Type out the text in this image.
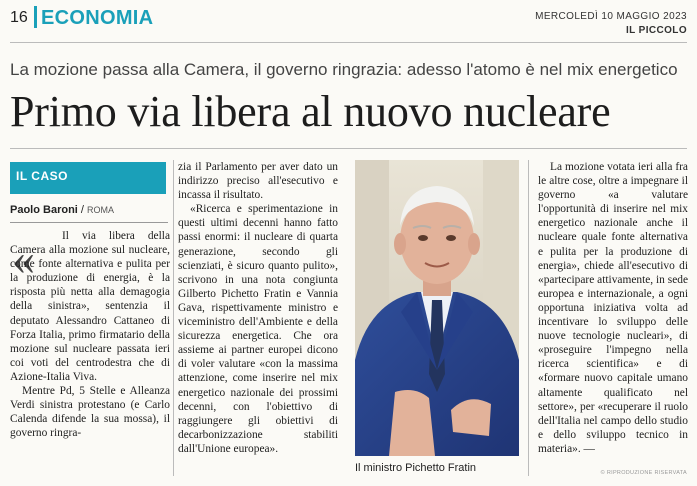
16 ECONOMIA	MERCOLEDÌ 10 MAGGIO 2023
IL PICCOLO
La mozione passa alla Camera, il governo ringrazia: adesso l'atomo è nel mix energetico
Primo via libera al nuovo nucleare
IL CASO
Paolo Baroni / ROMA
«	Il via libera della Camera alla mozione sul nucleare, come fonte alternativa e pulita per la produzione di energia, è la risposta più netta alla demagogia della sinistra», sentenzia il deputato Alessandro Cattaneo di Forza Italia, primo firmatario della mozione sul nucleare passata ieri coi voti del centrodestra che di Azione-Italia Viva.

Mentre Pd, 5 Stelle e Alleanza Verdi sinistra protestano (e Carlo Calenda difende la sua mossa), il governo ringra-

zia il Parlamento per aver dato un indirizzo preciso all'esecutivo e incassa il risultato.

«Ricerca e sperimentazione in questi ultimi decenni hanno fatto passi enormi: il nucleare di quarta generazione, secondo gli scienziati, è sicuro quanto pulito», scrivono in una nota congiunta Gilberto Pichetto Fratin e Vannia Gava, rispettivamente ministro e viceministro dell'Ambiente e della sicurezza energetica. Che ora assieme ai partner europei dicono di voler valutare «con la massima attenzione, come inserire nel mix energetico nazionale dei prossimi decenni, con l'obiettivo di raggiungere gli obiettivi di decarbonizzazione stabiliti dall'Unione europea».

Il ministro Pichetto Fratin

La mozione votata ieri alla fra le altre cose, oltre a impegnare il governo «a valutare l'opportunità di inserire nel mix energetico nazionale anche il nucleare quale fonte alternativa e pulita per la produzione di energia», chiede all'esecutivo di «partecipare attivamente, in sede europea e internazionale, a ogni opportuna iniziativa volta ad incentivare lo sviluppo delle nuove tecnologie nucleari», di «proseguire l'impegno nella ricerca scientifica» e di «formare nuovo capitale umano altamente qualificato nel settore», per «recuperare il ruolo dell'Italia nel campo dello studio e dello sviluppo tecnico in materia». —

© RIPRODUZIONE RISERVATA
